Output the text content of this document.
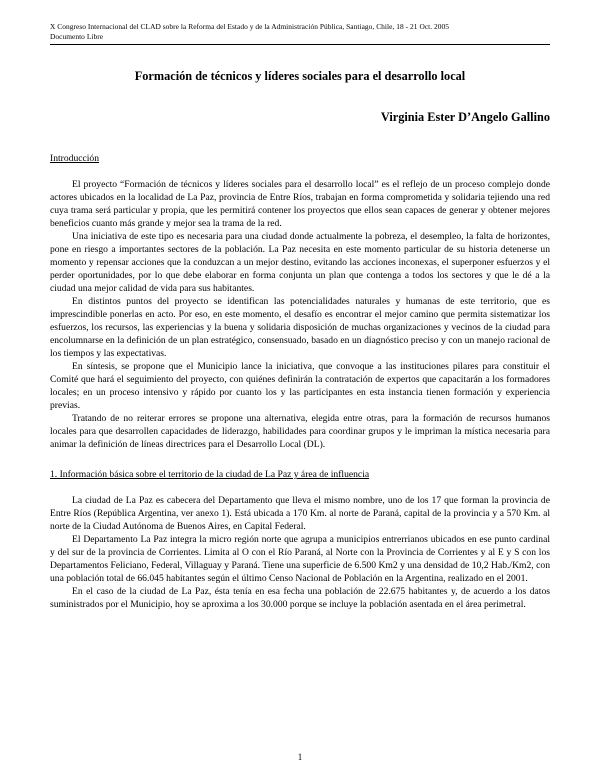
X Congreso Internacional del CLAD sobre la Reforma del Estado y de la Administración Pública, Santiago, Chile, 18 - 21 Oct. 2005
Documento Libre
Formación de técnicos y líderes sociales para el desarrollo local
Virginia Ester D’Angelo Gallino
Introducción

El proyecto “Formación de técnicos y líderes sociales para el desarrollo local” es el reflejo de un proceso complejo donde actores ubicados en la localidad de La Paz, provincia de Entre Ríos, trabajan en forma comprometida y solidaria tejiendo una red cuya trama será particular y propia, que les permitirá contener los proyectos que ellos sean capaces de generar y obtener mejores beneficios cuanto más grande y mejor sea la trama de la red.

Una iniciativa de este tipo es necesaria para una ciudad donde actualmente la pobreza, el desempleo, la falta de horizontes, pone en riesgo a importantes sectores de la población. La Paz necesita en este momento particular de su historia detenerse un momento y repensar acciones que la conduzcan a un mejor destino, evitando las acciones inconexas, el superponer esfuerzos y el perder oportunidades, por lo que debe elaborar en forma conjunta un plan que contenga a todos los sectores y que le dé a la ciudad una mejor calidad de vida para sus habitantes.

En distintos puntos del proyecto se identifican las potencialidades naturales y humanas de este territorio, que es imprescindible ponerlas en acto. Por eso, en este momento, el desafío es encontrar el mejor camino que permita sistematizar los esfuerzos, los recursos, las experiencias y la buena y solidaria disposición de muchas organizaciones y vecinos de la ciudad para encolumnarse en la definición de un plan estratégico, consensuado, basado en un diagnóstico preciso y con un manejo racional de los tiempos y las expectativas.

En síntesis, se propone que el Municipio lance la iniciativa, que convoque a las instituciones pilares para constituir el Comité que hará el seguimiento del proyecto, con quiénes definirán la contratación de expertos que capacitarán a los formadores locales; en un proceso intensivo y rápido por cuanto los y las participantes en esta instancia tienen formación y experiencia previas.

Tratando de no reiterar errores se propone una alternativa, elegida entre otras, para la formación de recursos humanos locales para que desarrollen capacidades de liderazgo, habilidades para coordinar grupos y le impriman la mística necesaria para animar la definición de líneas directrices para el Desarrollo Local (DL).

1. Información básica sobre el territorio de la ciudad de La Paz y área de influencia

La ciudad de La Paz es cabecera del Departamento que lleva el mismo nombre, uno de los 17 que forman la provincia de Entre Ríos (República Argentina, ver anexo 1). Está ubicada a 170 Km. al norte de Paraná, capital de la provincia y a 570 Km. al norte de la Ciudad Autónoma de Buenos Aires, en Capital Federal.

El Departamento La Paz integra la micro región norte que agrupa a municipios entrerrianos ubicados en ese punto cardinal y del sur de la provincia de Corrientes. Limita al O con el Río Paraná, al Norte con la Provincia de Corrientes y al E y S con los Departamentos Feliciano, Federal, Villaguay y Paraná. Tiene una superficie de 6.500 Km2 y una densidad de 10,2 Hab./Km2, con una población total de 66.045 habitantes según el último Censo Nacional de Población en la Argentina, realizado en el 2001.

En el caso de la ciudad de La Paz, ésta tenía en esa fecha una población de 22.675 habitantes y, de acuerdo a los datos suministrados por el Municipio, hoy se aproxima a los 30.000 porque se incluye la población asentada en el área perimetral.

1
